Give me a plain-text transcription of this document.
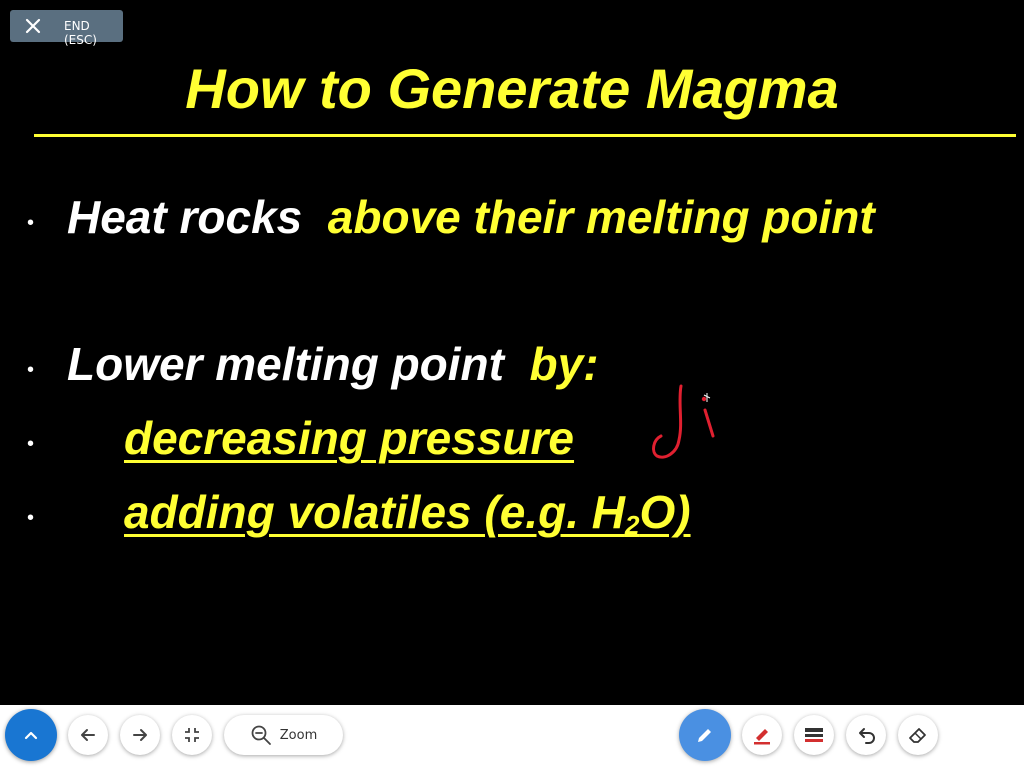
END (ESC)
How to Generate Magma
• Heat rocks above their melting point
• Lower melting point by:
• decreasing pressure
• adding volatiles (e.g. $H_2O$)
Zoom
